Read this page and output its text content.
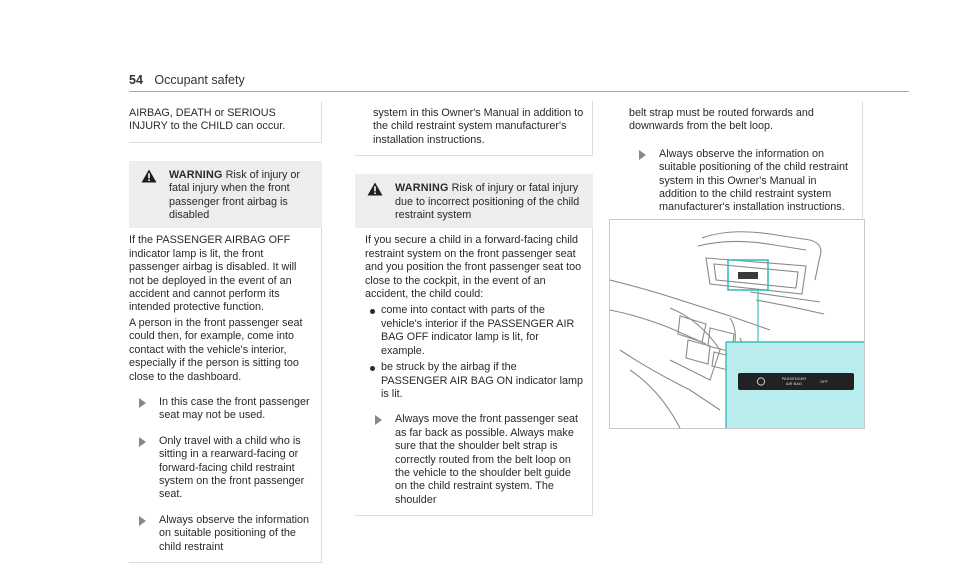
54 Occupant safety

AIRBAG, DEATH or SERIOUS INJURY to the CHILD can occur.

WARNING Risk of injury or fatal injury when the front passenger front airbag is disabled

If the PASSENGER AIRBAG OFF indicator lamp is lit, the front passenger airbag is disabled. It will not be deployed in the event of an accident and cannot perform its intended protective function.

A person in the front passenger seat could then, for example, come into contact with the vehicle's interior, especially if the person is sitting too close to the dashboard.

In this case the front passenger seat may not be used.
Only travel with a child who is sitting in a rearward-facing or forward-facing child restraint system on the front passenger seat.
Always observe the information on suitable positioning of the child restraint

system in this Owner's Manual in addition to the child restraint system manufacturer's installation instructions.

WARNING Risk of injury or fatal injury due to incorrect positioning of the child restraint system

If you secure a child in a forward-facing child restraint system on the front passenger seat and you position the front passenger seat too close to the cockpit, in the event of an accident, the child could:

come into contact with parts of the vehicle's interior if the PASSENGER AIR BAG OFF indicator lamp is lit, for example.
be struck by the airbag if the PASSENGER AIR BAG ON indicator lamp is lit.
Always move the front passenger seat as far back as possible. Always make sure that the shoulder belt strap is correctly routed from the belt loop on the vehicle to the shoulder belt guide on the child restraint system. The shoulder

belt strap must be routed forwards and downwards from the belt loop.

Always observe the information on suitable positioning of the child restraint system in this Owner's Manual in addition to the child restraint system manufacturer's installation instructions.
PASSENGER
AIR BAG	OFF
